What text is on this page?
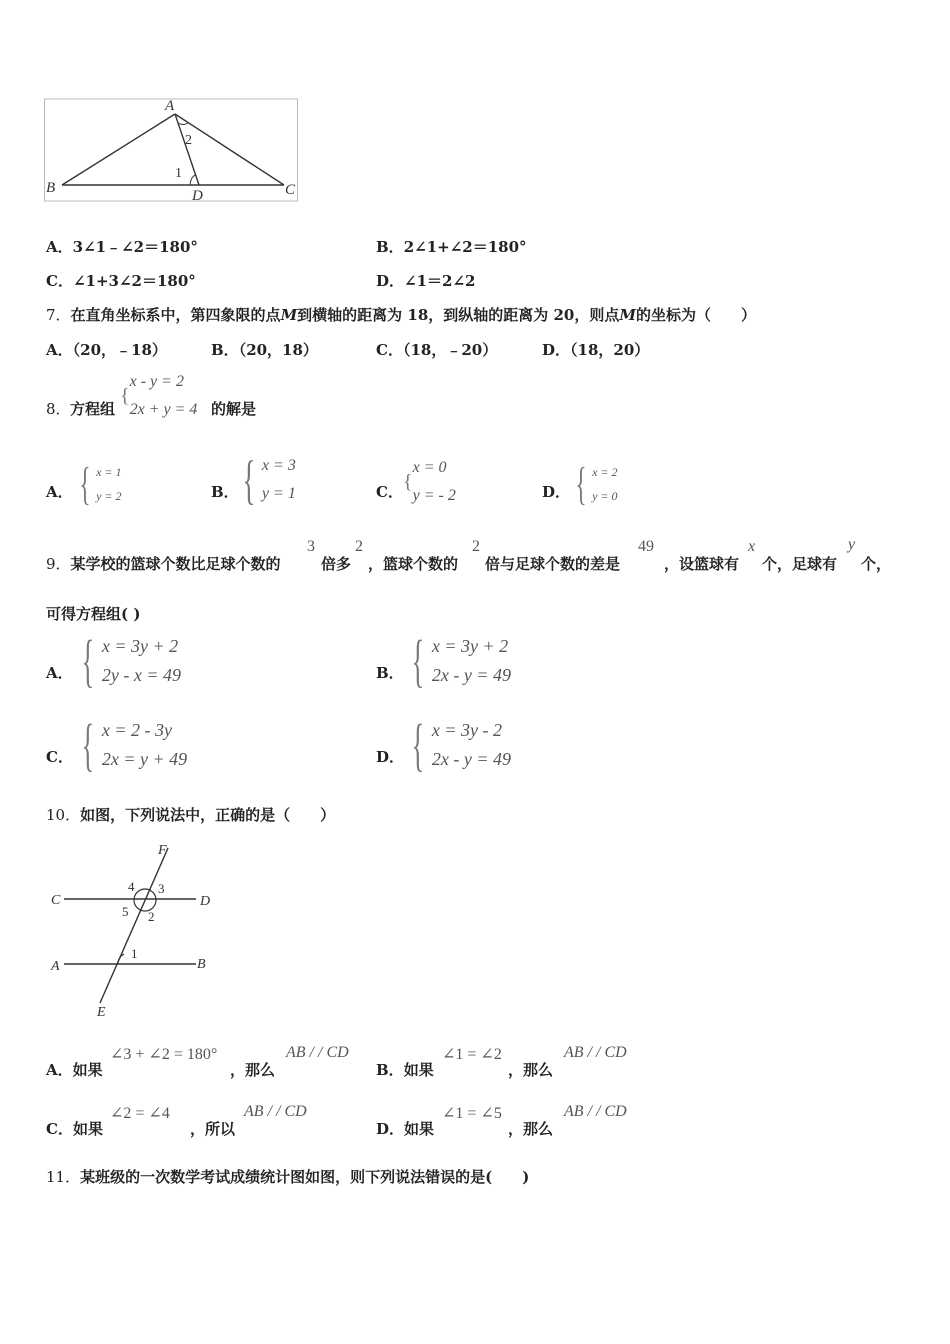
A
B	C
D
1
2
A．3∠1﹣∠2＝180°	B．2∠1+∠2＝180°
C．∠1+3∠2＝180°	D．∠1＝2∠2
7．在直角坐标系中，第四象限的点M到横轴的距离为 18，到纵轴的距离为 20，则点M的坐标为（　　）
A．（20，﹣18）	B．（20，18）	C．（18，﹣20）	D．（18，20）
8． 方程组
{
x - y = 2
2x + y = 4 的解是
A． { x = 1
y = 2	B． { x = 3
y = 1	C． {
x = 0
y = - 2	D． { x = 2
y = 0
9．某学校的篮球个数比足球个数的
3
倍多
2
，篮球个数的
2
倍与足球个数的差是
49
，设篮球有
x
个，足球有
y
个，
可得方程组( )
A． { x = 3y + 2
2y - x = 49	B． { x = 3y + 2
2x - y = 49
C． { x = 2 - 3y
2x = y + 49	D． { x = 3y - 2
2x - y = 49
10．如图，下列说法中，正确的是（　　）
F
C	D
A	B
E
1
2
3
4
5
A．如果
∠3 + ∠2 = 180°
，那么
AB / / CD
B．如果
∠1 = ∠2
，那么
AB / / CD
C．如果
∠2 = ∠4
，所以
AB / / CD
D．如果
∠1 = ∠5
，那么
AB / / CD
11．某班级的一次数学考试成绩统计图如图，则下列说法错误的是(　　)
